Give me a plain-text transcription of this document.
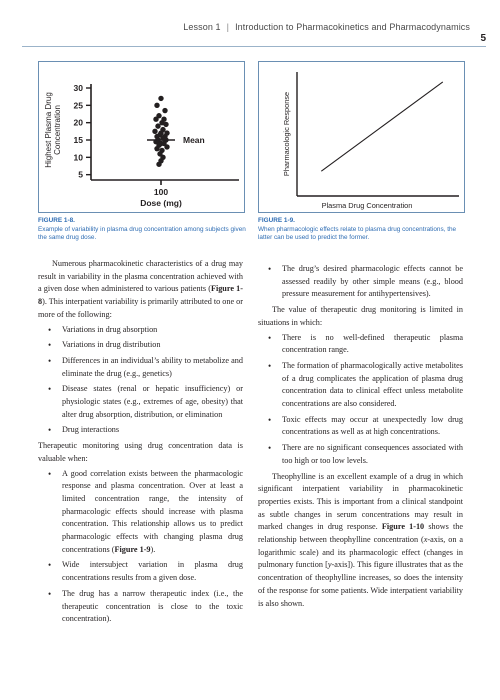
Lesson 1 | Introduction to Pharmacokinetics and Pharmacodynamics
5
Highest Plasma Drug Concentration
5
10
15
20
25
30
Mean
100
Dose (mg)
FIGURE 1-8.
Example of variability in plasma drug concentration among subjects given the same drug dose.
Pharmacologic Response
Plasma Drug Concentration
FIGURE 1-9.
When pharmacologic effects relate to plasma drug concentrations, the latter can be used to predict the former.

Numerous pharmacokinetic characteristics of a drug may result in variability in the plasma concentration achieved with a given dose when administered to various patients (Figure 1-8). This interpatient variability is primarily attributed to one or more of the following:

• Variations in drug absorption
• Variations in drug distribution
• Differences in an individual’s ability to metabolize and eliminate the drug (e.g., genetics)
• Disease states (renal or hepatic insufficiency) or physiologic states (e.g., extremes of age, obesity) that alter drug absorption, distribution, or elimination
• Drug interactions

Therapeutic monitoring using drug concentration data is valuable when:

• A good correlation exists between the pharmacologic response and plasma concentration. Over at least a limited concentration range, the intensity of pharmacologic effects should increase with plasma concentration. This relationship allows us to predict pharmacologic effects with changing plasma drug concentrations (Figure 1-9).
• Wide intersubject variation in plasma drug concentrations results from a given dose.
• The drug has a narrow therapeutic index (i.e., the therapeutic concentration is close to the toxic concentration).
• The drug’s desired pharmacologic effects cannot be assessed readily by other simple means (e.g., blood pressure measurement for antihypertensives).

The value of therapeutic drug monitoring is limited in situations in which:

• There is no well-defined therapeutic plasma concentration range.
• The formation of pharmacologically active metabolites of a drug complicates the application of plasma drug concentration data to clinical effect unless metabolite concentrations are also considered.
• Toxic effects may occur at unexpectedly low drug concentrations as well as at high concentrations.
• There are no significant consequences associated with too high or too low levels.

Theophylline is an excellent example of a drug in which significant interpatient variability in pharmacokinetic properties exists. This is important from a clinical standpoint as subtle changes in serum concentrations may result in marked changes in drug response. Figure 1-10 shows the relationship between theophylline concentration (x-axis, on a logarithmic scale) and its pharmacologic effect (changes in pulmonary function [y-axis]). This figure illustrates that as the concentration of theophylline increases, so does the intensity of the response for some patients. Wide interpatient variability is also shown.
